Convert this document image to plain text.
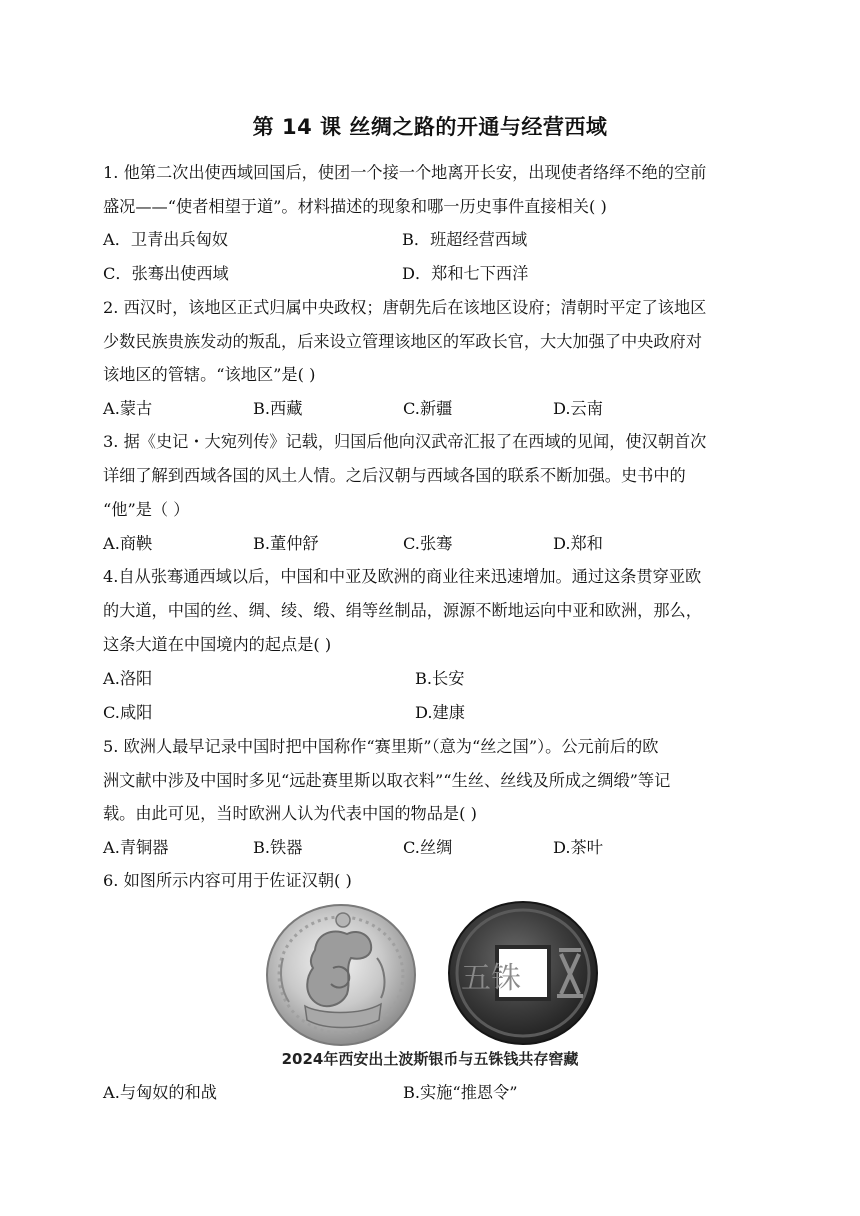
第 14 课 丝绸之路的开通与经营西域
1. 他第二次出使西域回国后，使团一个接一个地离开长安，出现使者络绎不绝的空前
盛况——“使者相望于道”。材料描述的现象和哪一历史事件直接相关( )
A．卫青出兵匈奴	B．班超经营西域
C．张骞出使西域	D．郑和七下西洋
2. 西汉时，该地区正式归属中央政权；唐朝先后在该地区设府；清朝时平定了该地区
少数民族贵族发动的叛乱，后来设立管理该地区的军政长官，大大加强了中央政府对
该地区的管辖。“该地区”是( )
A.蒙古	B.西藏	C.新疆	D.云南
3. 据《史记・大宛列传》记载，归国后他向汉武帝汇报了在西域的见闻，使汉朝首次
详细了解到西域各国的风土人情。之后汉朝与西域各国的联系不断加强。史书中的
“他”是（ ）
A.商鞅	B.董仲舒	C.张骞	D.郑和
4.自从张骞通西域以后，中国和中亚及欧洲的商业往来迅速增加。通过这条贯穿亚欧
的大道，中国的丝、绸、绫、缎、绢等丝制品，源源不断地运向中亚和欧洲，那么，
这条大道在中国境内的起点是( )
A.洛阳	B.长安
C.咸阳	D.建康
5. 欧洲人最早记录中国时把中国称作“赛里斯”（意为“丝之国”）。公元前后的欧
洲文献中涉及中国时多见“远赴赛里斯以取衣料”“生丝、丝线及所成之绸缎”等记
载。由此可见，当时欧洲人认为代表中国的物品是( )
A.青铜器	B.铁器	C.丝绸	D.茶叶
6. 如图所示内容可用于佐证汉朝( )
五铢
2024年西安出土波斯银币与五铢钱共存窖藏
A.与匈奴的和战	B.实施“推恩令”
